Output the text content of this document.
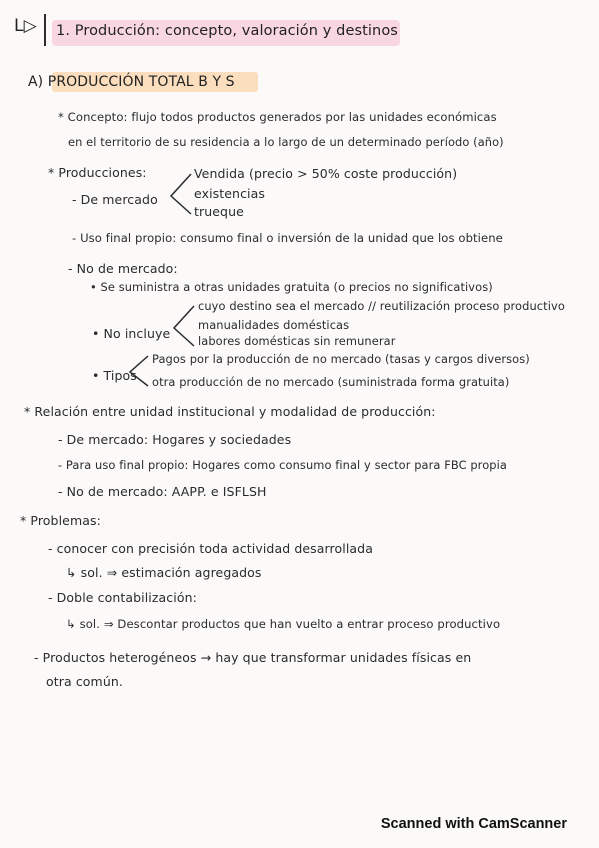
L▷ 1. Producción: concepto, valoración y destinos
A) PRODUCCIÓN TOTAL B Y S
* Concepto: flujo todos productos generados por las unidades económicas
en el territorio de su residencia a lo largo de un determinado período (año)
* Producciones:
- De mercado
Vendida (precio > 50% coste producción)
existencias
trueque
- Uso final propio: consumo final o inversión de la unidad que los obtiene
- No de mercado:
• Se suministra a otras unidades gratuita (o precios no significativos)
• No incluye
cuyo destino sea el mercado // reutilización proceso productivo
manualidades domésticas
labores domésticas sin remunerar
• Tipos
Pagos por la producción de no mercado (tasas y cargos diversos)
otra producción de no mercado (suministrada forma gratuita)
* Relación entre unidad institucional y modalidad de producción:
- De mercado: Hogares y sociedades
- Para uso final propio: Hogares como consumo final y sector para FBC propia
- No de mercado: AAPP. e ISFLSH
* Problemas:
- conocer con precisión toda actividad desarrollada
↳ sol. ⇒ estimación agregados
- Doble contabilización:
↳ sol. ⇒ Descontar productos que han vuelto a entrar proceso productivo
- Productos heterogéneos → hay que transformar unidades físicas en
otra común.
Scanned with CamScanner
